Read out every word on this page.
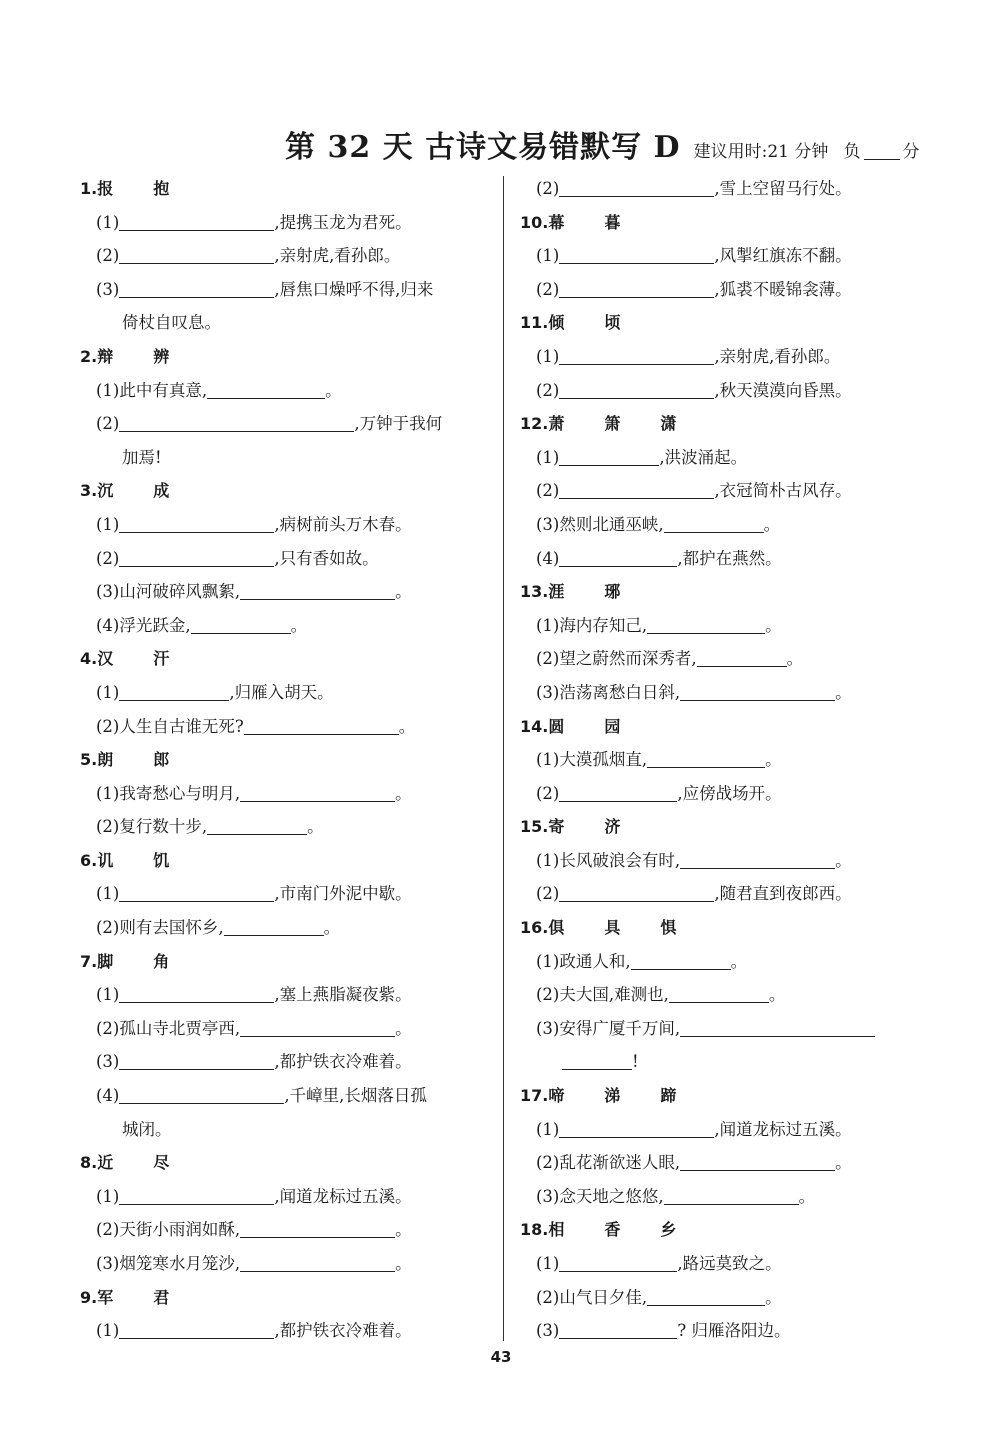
第 32 天 古诗文易错默写 D 建议用时:21 分钟 负 分
1.报	抱
(1)	,提携玉龙为君死。
(2)	,亲射虎,看孙郎。
(3)	,唇焦口燥呼不得,归来
倚杖自叹息。
2.辩	辨
(1)此中有真意,	。
(2)	,万钟于我何
加焉!
3.沉	成
(1)	,病树前头万木春。
(2)	,只有香如故。
(3)山河破碎风飘絮,	。
(4)浮光跃金,	。
4.汉	汗
(1)	,归雁入胡天。
(2)人生自古谁无死?	。
5.朗	郎
(1)我寄愁心与明月,	。
(2)复行数十步,	。
6.讥	饥
(1)	,市南门外泥中歇。
(2)则有去国怀乡,	。
7.脚	角
(1)	,塞上燕脂凝夜紫。
(2)孤山寺北贾亭西,	。
(3)	,都护铁衣冷难着。
(4)	,千嶂里,长烟落日孤
城闭。
8.近	尽
(1)	,闻道龙标过五溪。
(2)天街小雨润如酥,	。
(3)烟笼寒水月笼沙,	。
9.军	君
(1)	,都护铁衣冷难着。
(2)	,雪上空留马行处。
10.幕	暮
(1)	,风掣红旗冻不翻。
(2)	,狐裘不暖锦衾薄。
11.倾	顷
(1)	,亲射虎,看孙郎。
(2)	,秋天漠漠向昏黑。
12.萧	箫	潇
(1)	,洪波涌起。
(2)	,衣冠简朴古风存。
(3)然则北通巫峡,	。
(4)	,都护在燕然。
13.涯	琊
(1)海内存知己,	。
(2)望之蔚然而深秀者,	。
(3)浩荡离愁白日斜,	。
14.圆	园
(1)大漠孤烟直,	。
(2)	,应傍战场开。
15.寄	济
(1)长风破浪会有时,	。
(2)	,随君直到夜郎西。
16.俱	具	惧
(1)政通人和,	。
(2)夫大国,难测也,	。
(3)安得广厦千万间,
!
17.啼	涕	蹄
(1)	,闻道龙标过五溪。
(2)乱花渐欲迷人眼,	。
(3)念天地之悠悠,	。
18.相	香	乡
(1)	,路远莫致之。
(2)山气日夕佳,	。
(3)	? 归雁洛阳边。
43
